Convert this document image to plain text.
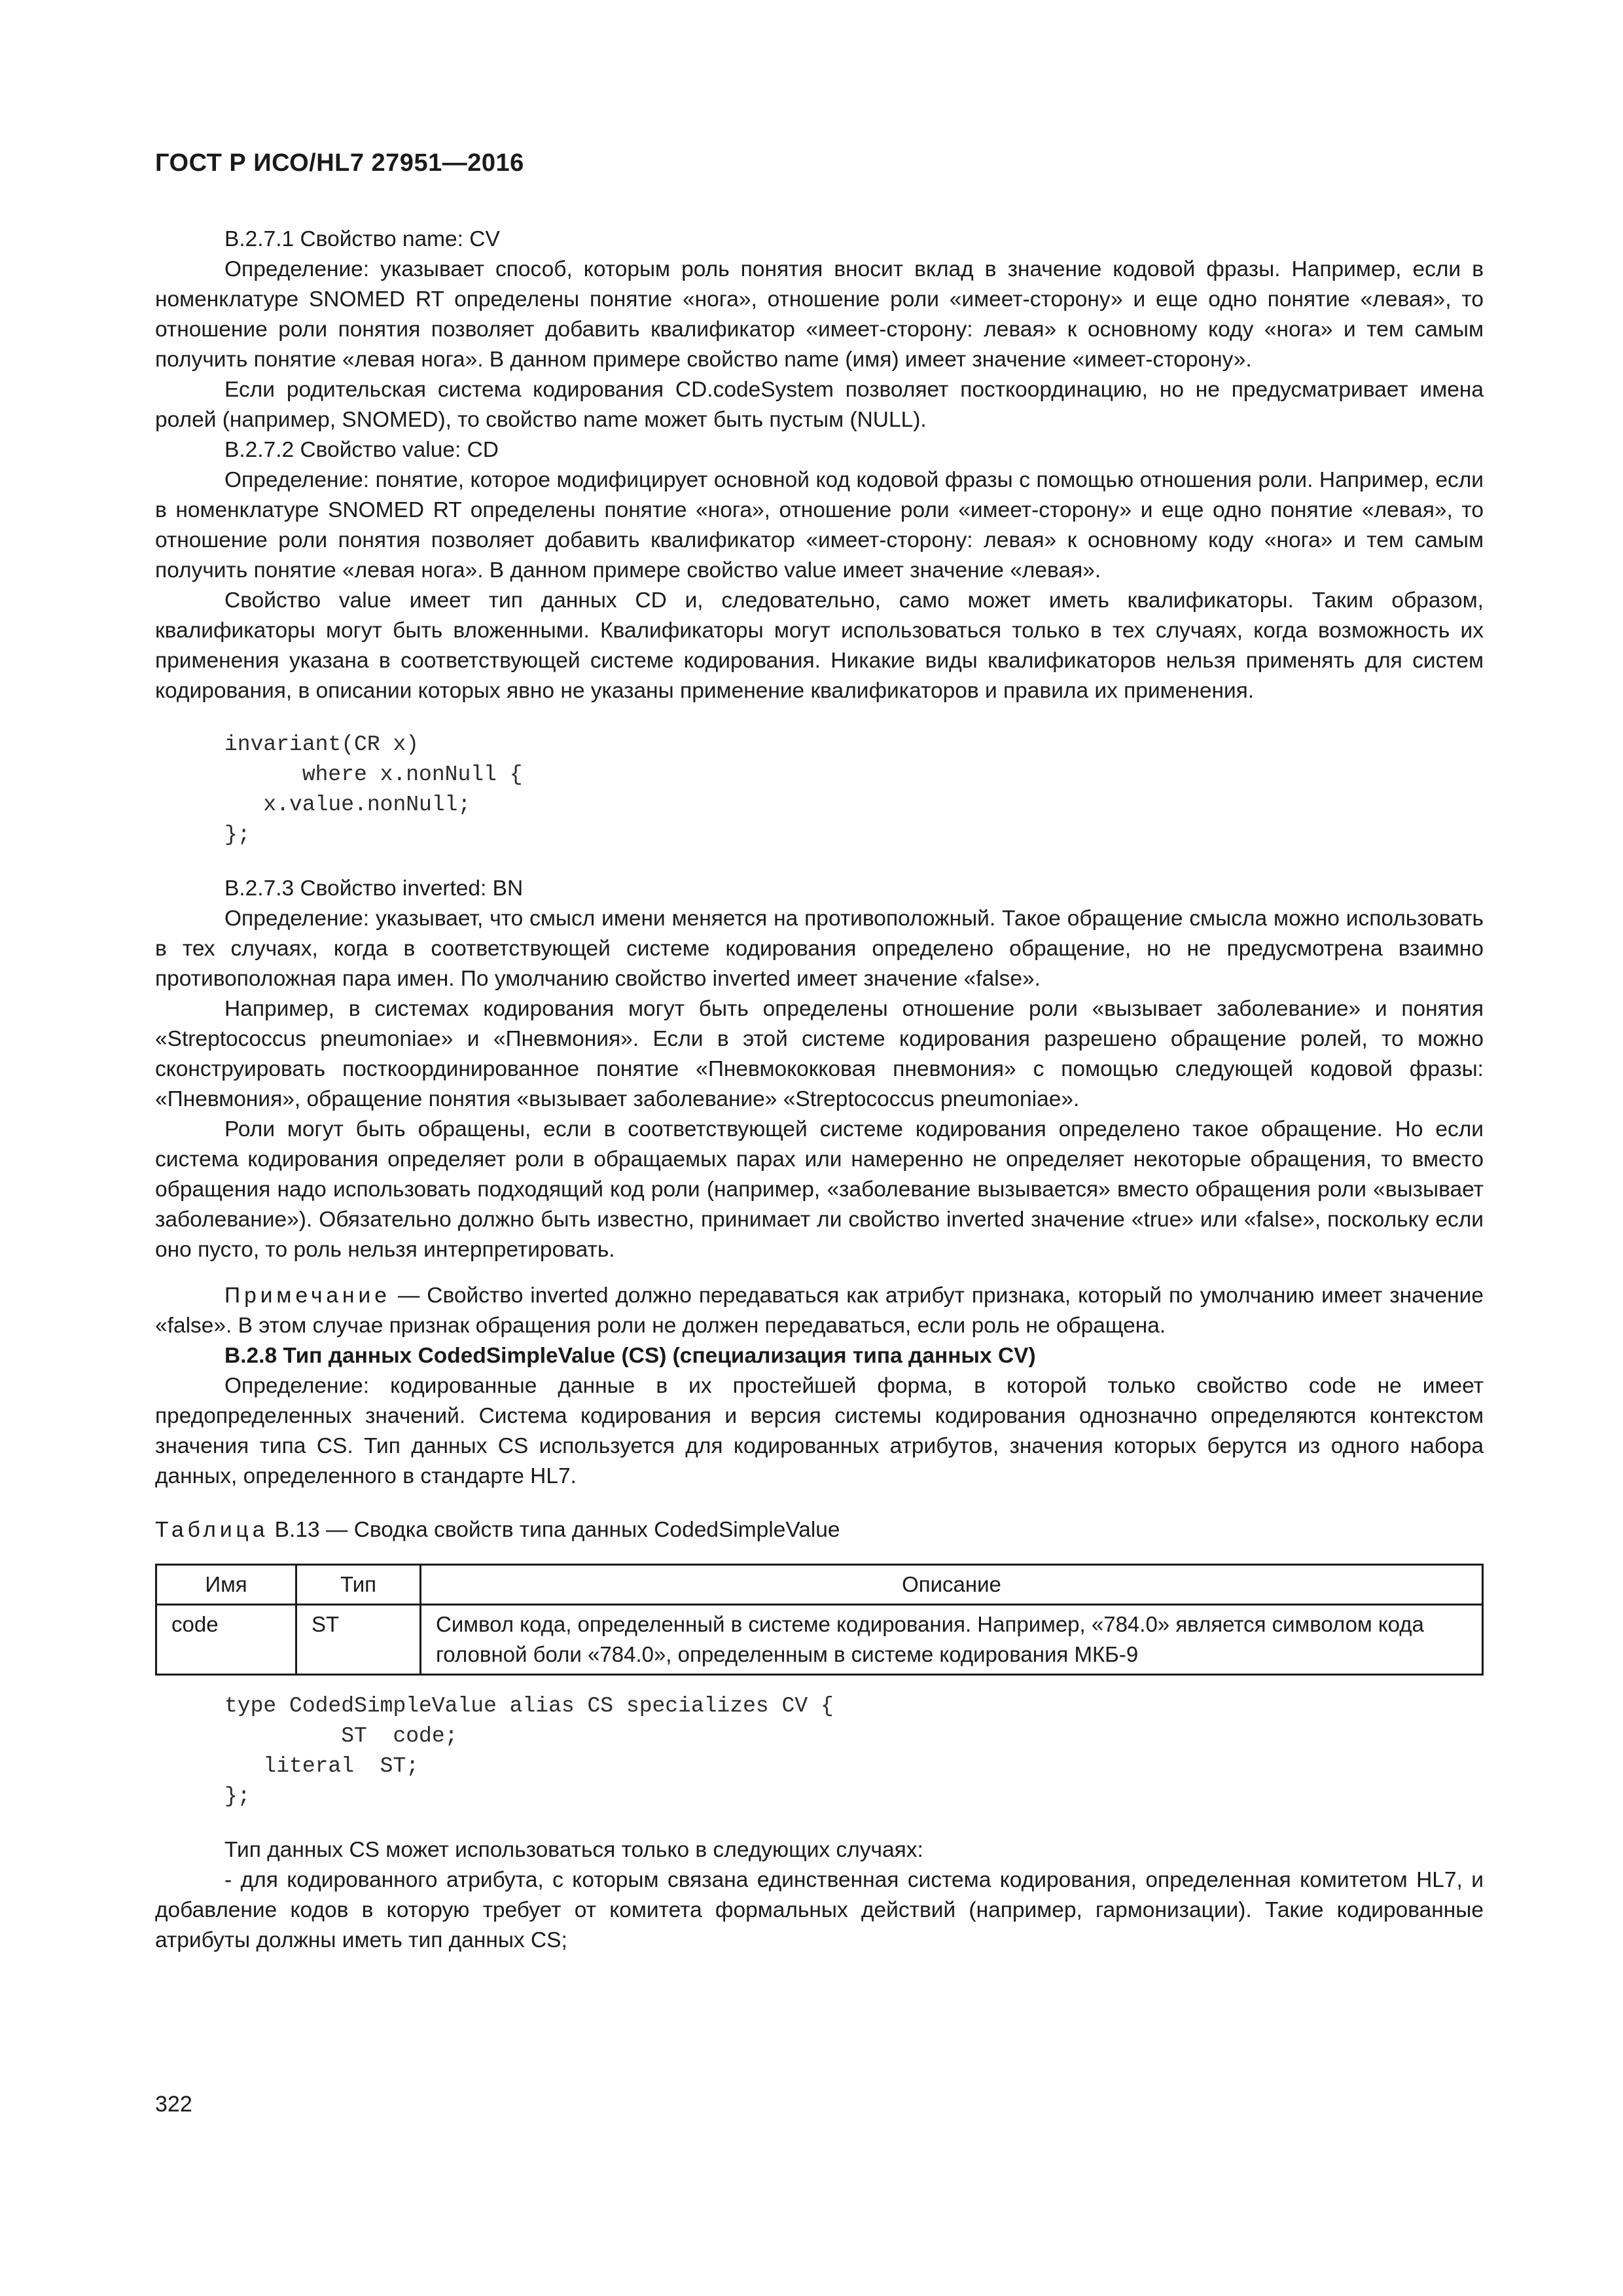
ГОСТ Р ИСО/HL7 27951—2016

B.2.7.1 Свойство name: CV

Определение: указывает способ, которым роль понятия вносит вклад в значение кодовой фразы. Например, если в номенклатуре SNOMED RT определены понятие «нога», отношение роли «имеет-сторону» и еще одно понятие «левая», то отношение роли понятия позволяет добавить квалификатор «имеет-сторону: левая» к основному коду «нога» и тем самым получить понятие «левая нога». В данном примере свойство name (имя) имеет значение «имеет-сторону».

Если родительская система кодирования CD.codeSystem позволяет посткоординацию, но не предусматривает имена ролей (например, SNOMED), то свойство name может быть пустым (NULL).

B.2.7.2 Свойство value: CD

Определение: понятие, которое модифицирует основной код кодовой фразы с помощью отношения роли. Например, если в номенклатуре SNOMED RT определены понятие «нога», отношение роли «имеет-сторону» и еще одно понятие «левая», то отношение роли понятия позволяет добавить квалификатор «имеет-сторону: левая» к основному коду «нога» и тем самым получить понятие «левая нога». В данном примере свойство value имеет значение «левая».

Свойство value имеет тип данных CD и, следовательно, само может иметь квалификаторы. Таким образом, квалификаторы могут быть вложенными. Квалификаторы могут использоваться только в тех случаях, когда возможность их применения указана в соответствующей системе кодирования. Никакие виды квалификаторов нельзя применять для систем кодирования, в описании которых явно не указаны применение квалификаторов и правила их применения.

invariant(CR x)
where x.nonNull {
x.value.nonNull;
};

B.2.7.3 Свойство inverted: BN

Определение: указывает, что смысл имени меняется на противоположный. Такое обращение смысла можно использовать в тех случаях, когда в соответствующей системе кодирования определено обращение, но не предусмотрена взаимно противоположная пара имен. По умолчанию свойство inverted имеет значение «false».

Например, в системах кодирования могут быть определены отношение роли «вызывает заболевание» и понятия «Streptococcus pneumoniae» и «Пневмония». Если в этой системе кодирования разрешено обращение ролей, то можно сконструировать посткоординированное понятие «Пневмококковая пневмония» с помощью следующей кодовой фразы: «Пневмония», обращение понятия «вызывает заболевание» «Streptococcus pneumoniae».

Роли могут быть обращены, если в соответствующей системе кодирования определено такое обращение. Но если система кодирования определяет роли в обращаемых парах или намеренно не определяет некоторые обращения, то вместо обращения надо использовать подходящий код роли (например, «заболевание вызывается» вместо обращения роли «вызывает заболевание»). Обязательно должно быть известно, принимает ли свойство inverted значение «true» или «false», поскольку если оно пусто, то роль нельзя интерпретировать.

Примечание — Свойство inverted должно передаваться как атрибут признака, который по умолчанию имеет значение «false». В этом случае признак обращения роли не должен передаваться, если роль не обращена.

B.2.8 Тип данных CodedSimpleValue (CS) (специализация типа данных CV)

Определение: кодированные данные в их простейшей форма, в которой только свойство code не имеет предопределенных значений. Система кодирования и версия системы кодирования однозначно определяются контекстом значения типа CS. Тип данных CS используется для кодированных атрибутов, значения которых берутся из одного набора данных, определенного в стандарте HL7.

Таблица B.13 — Сводка свойств типа данных CodedSimpleValue

Имя	Тип	Описание
code	ST	Символ кода, определенный в системе кодирования. Например, «784.0» является символом кода головной боли «784.0», определенным в системе кодирования МКБ-9
type CodedSimpleValue alias CS specializes CV {
ST  code;
literal  ST;
};

Тип данных CS может использоваться только в следующих случаях:

- для кодированного атрибута, с которым связана единственная система кодирования, определенная комитетом HL7, и добавление кодов в которую требует от комитета формальных действий (например, гармонизации). Такие кодированные атрибуты должны иметь тип данных CS;

322
